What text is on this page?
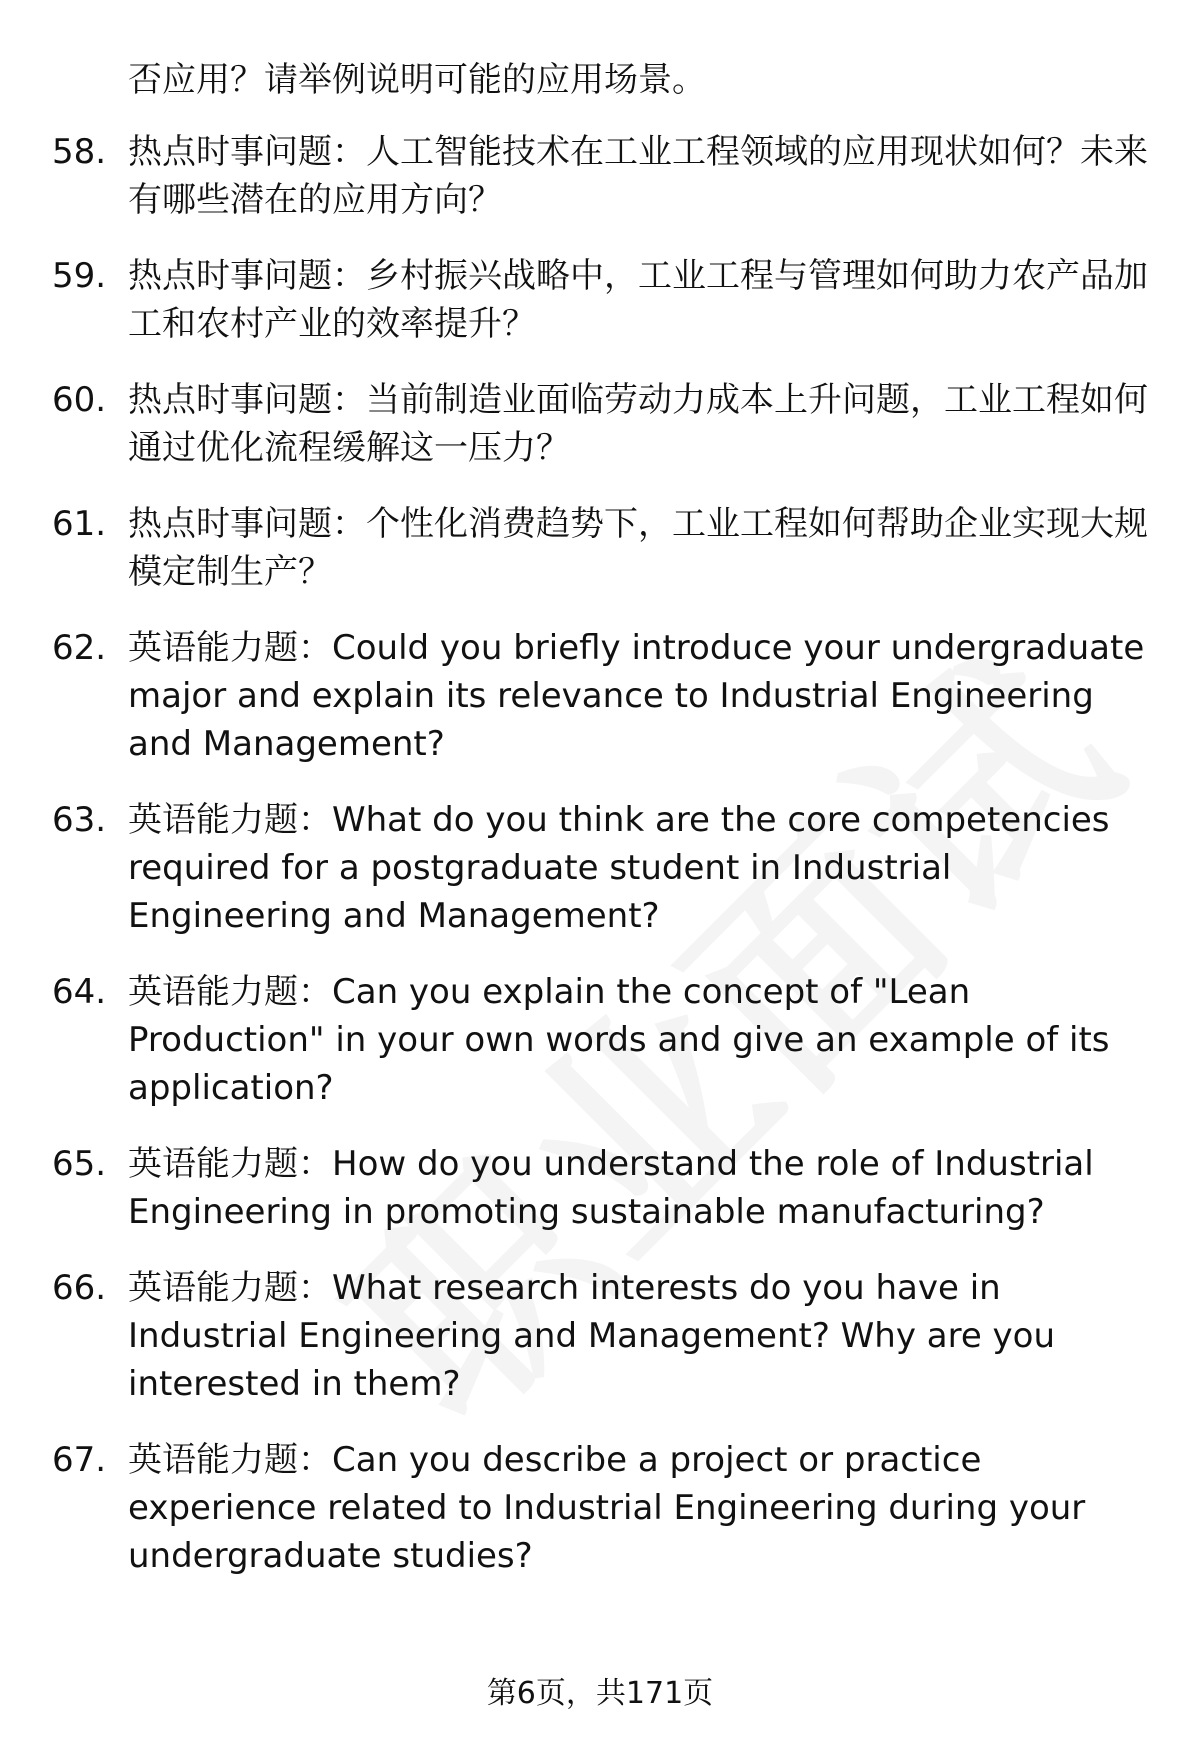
否应用？请举例说明可能的应用场景。
58. 热点时事问题：人工智能技术在工业工程领域的应用现状如何？未来有哪些潜在的应用方向？
59. 热点时事问题：乡村振兴战略中，工业工程与管理如何助力农产品加工和农村产业的效率提升？
60. 热点时事问题：当前制造业面临劳动力成本上升问题，工业工程如何通过优化流程缓解这一压力？
61. 热点时事问题：个性化消费趋势下，工业工程如何帮助企业实现大规模定制生产？
62. 英语能力题：Could you briefly introduce your undergraduate major and explain its relevance to Industrial Engineering and Management?
63. 英语能力题：What do you think are the core competencies required for a postgraduate student in Industrial Engineering and Management?
64. 英语能力题：Can you explain the concept of "Lean Production" in your own words and give an example of its application?
65. 英语能力题：How do you understand the role of Industrial Engineering in promoting sustainable manufacturing?
66. 英语能力题：What research interests do you have in Industrial Engineering and Management? Why are you interested in them?
67. 英语能力题：Can you describe a project or practice experience related to Industrial Engineering during your undergraduate studies?
第6页，共171页
